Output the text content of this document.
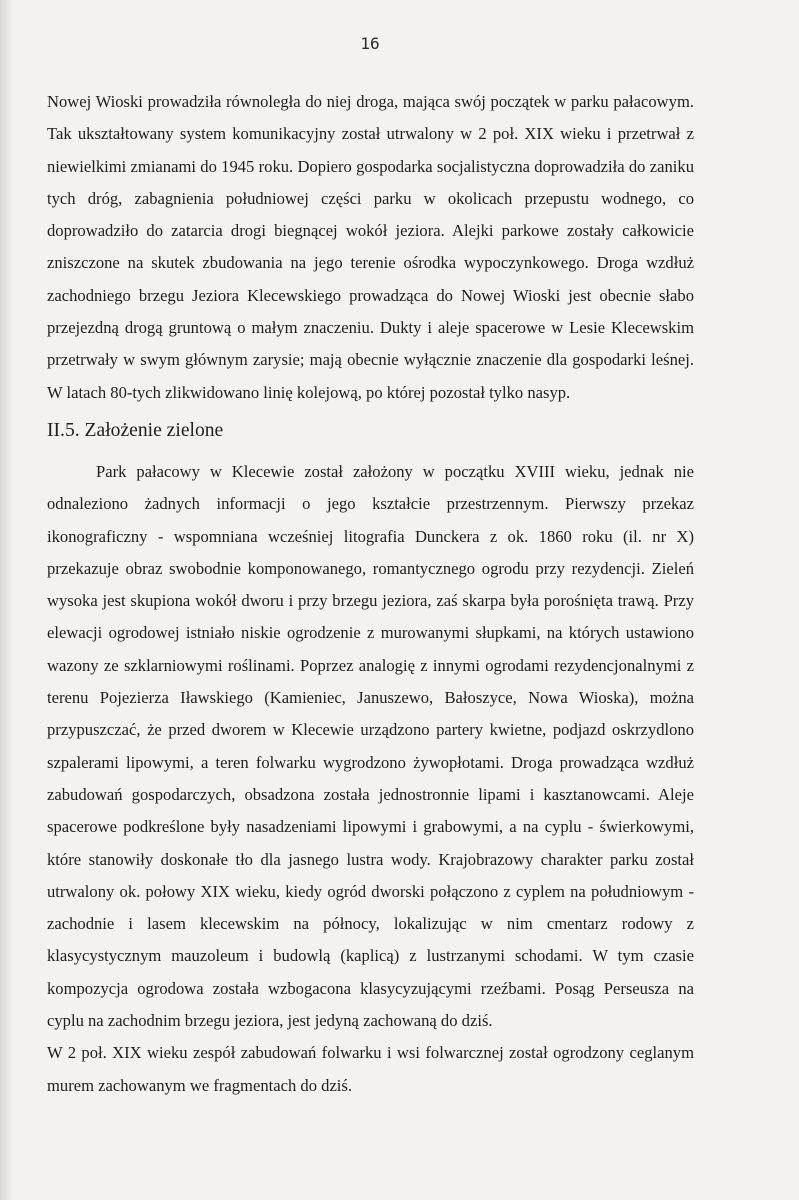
16

Nowej Wioski prowadziła równoległa do niej droga, mająca swój początek w parku pałacowym. Tak ukształtowany system komunikacyjny został utrwalony w 2 poł. XIX wieku i przetrwał z niewielkimi zmianami do 1945 roku. Dopiero gospodarka socjalistyczna doprowadziła do zaniku tych dróg, zabagnienia południowej części parku w okolicach przepustu wodnego, co doprowadziło do zatarcia drogi biegnącej wokół jeziora. Alejki parkowe zostały całkowicie zniszczone na skutek zbudowania na jego terenie ośrodka wypoczynkowego. Droga wzdłuż zachodniego brzegu Jeziora Klecewskiego prowadząca do Nowej Wioski jest obecnie słabo przejezdną drogą gruntową o małym znaczeniu. Dukty i aleje spacerowe w Lesie Klecewskim przetrwały w swym głównym zarysie; mają obecnie wyłącznie znaczenie dla gospodarki leśnej. W latach 80-tych zlikwidowano linię kolejową, po której pozostał tylko nasyp.

II.5. Założenie zielone

Park pałacowy w Klecewie został założony w początku XVIII wieku, jednak nie odnaleziono żadnych informacji o jego kształcie przestrzennym. Pierwszy przekaz ikonograficzny - wspomniana wcześniej litografia Dunckera z ok. 1860 roku (il. nr X) przekazuje obraz swobodnie komponowanego, romantycznego ogrodu przy rezydencji. Zieleń wysoka jest skupiona wokół dworu i przy brzegu jeziora, zaś skarpa była porośnięta trawą. Przy elewacji ogrodowej istniało niskie ogrodzenie z murowanymi słupkami, na których ustawiono wazony ze szklarniowymi roślinami. Poprzez analogię z innymi ogrodami rezydencjonalnymi z terenu Pojezierza Iławskiego (Kamieniec, Januszewo, Bałoszyce, Nowa Wioska), można przypuszczać, że przed dworem w Klecewie urządzono partery kwietne, podjazd oskrzydlono szpalerami lipowymi, a teren folwarku wygrodzono żywopłotami. Droga prowadząca wzdłuż zabudowań gospodarczych, obsadzona została jednostronnie lipami i kasztanowcami. Aleje spacerowe podkreślone były nasadzeniami lipowymi i grabowymi, a na cyplu - świerkowymi, które stanowiły doskonałe tło dla jasnego lustra wody. Krajobrazowy charakter parku został utrwalony ok. połowy XIX wieku, kiedy ogród dworski połączono z cyplem na południowym - zachodnie i lasem klecewskim na północy, lokalizując w nim cmentarz rodowy z klasycystycznym mauzoleum i budowlą (kaplicą) z lustrzanymi schodami. W tym czasie kompozycja ogrodowa została wzbogacona klasycyzującymi rzeźbami. Posąg Perseusza na cyplu na zachodnim brzegu jeziora, jest jedyną zachowaną do dziś.

W 2 poł. XIX wieku zespół zabudowań folwarku i wsi folwarcznej został ogrodzony ceglanym murem zachowanym we fragmentach do dziś.
